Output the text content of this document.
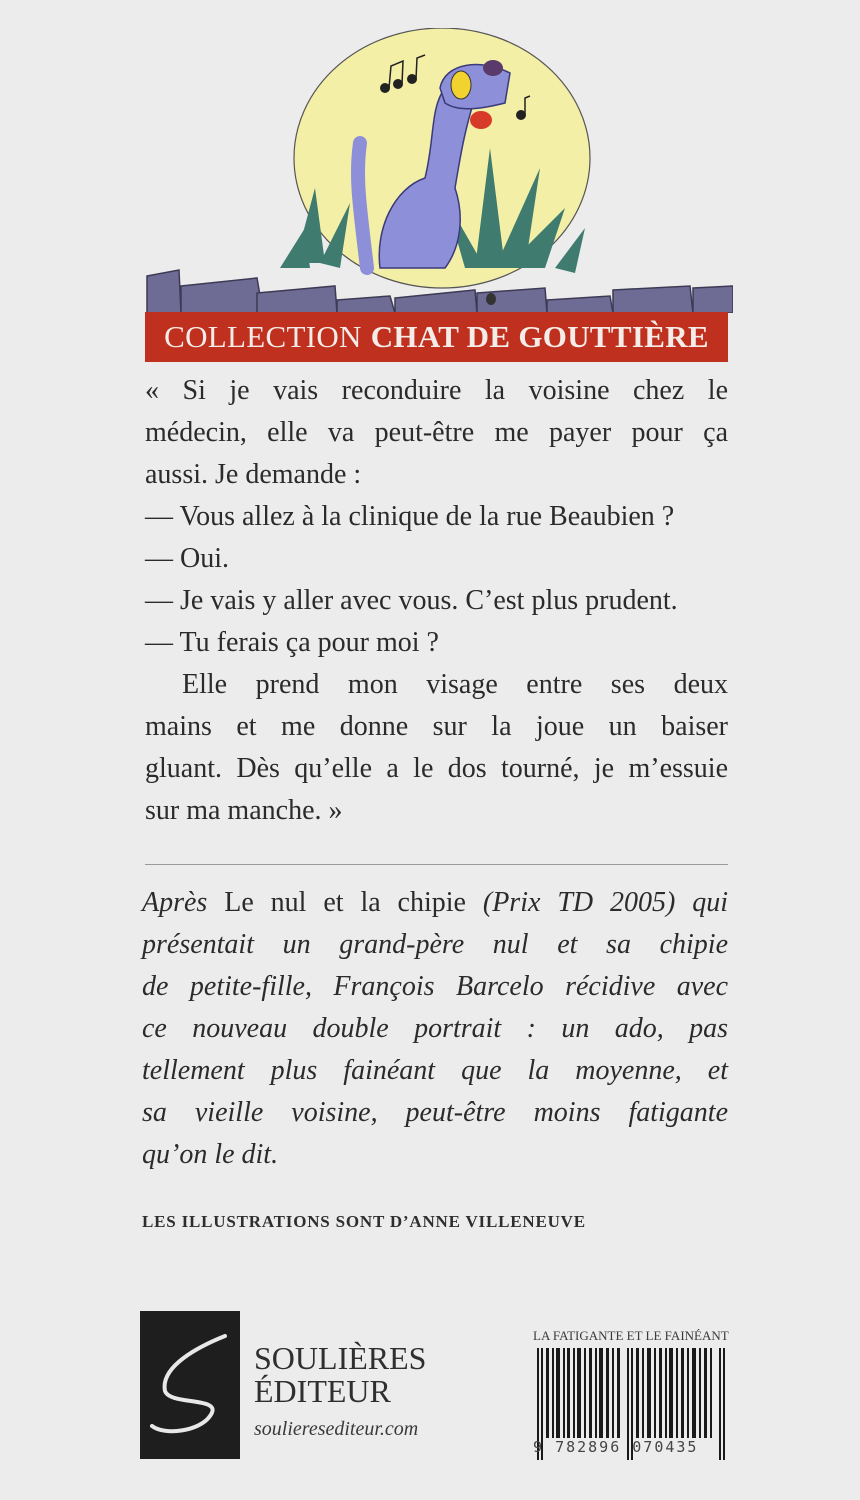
COLLECTION CHAT DE GOUTTIÈRE

« Si je vais reconduire la voisine chez le

médecin, elle va peut-être me payer pour ça

aussi. Je demande :

— Vous allez à la clinique de la rue Beaubien ?

— Oui.

— Je vais y aller avec vous. C’est plus prudent.

— Tu ferais ça pour moi ?

Elle prend mon visage entre ses deux

mains et me donne sur la joue un baiser

gluant. Dès qu’elle a le dos tourné, je m’essuie

sur ma manche. »

Après Le nul et la chipie (Prix TD 2005) qui

présentait un grand-père nul et sa chipie

de petite-fille, François Barcelo récidive avec

ce nouveau double portrait : un ado, pas

tellement plus fainéant que la moyenne, et

sa vieille voisine, peut-être moins fatigante

qu’on le dit.

LES ILLUSTRATIONS SONT D’ANNE VILLENEUVE
SOULIÈRES
ÉDITEUR
soulieresediteur.com
LA FATIGANTE ET LE FAINÉANT
9 782896 070435
